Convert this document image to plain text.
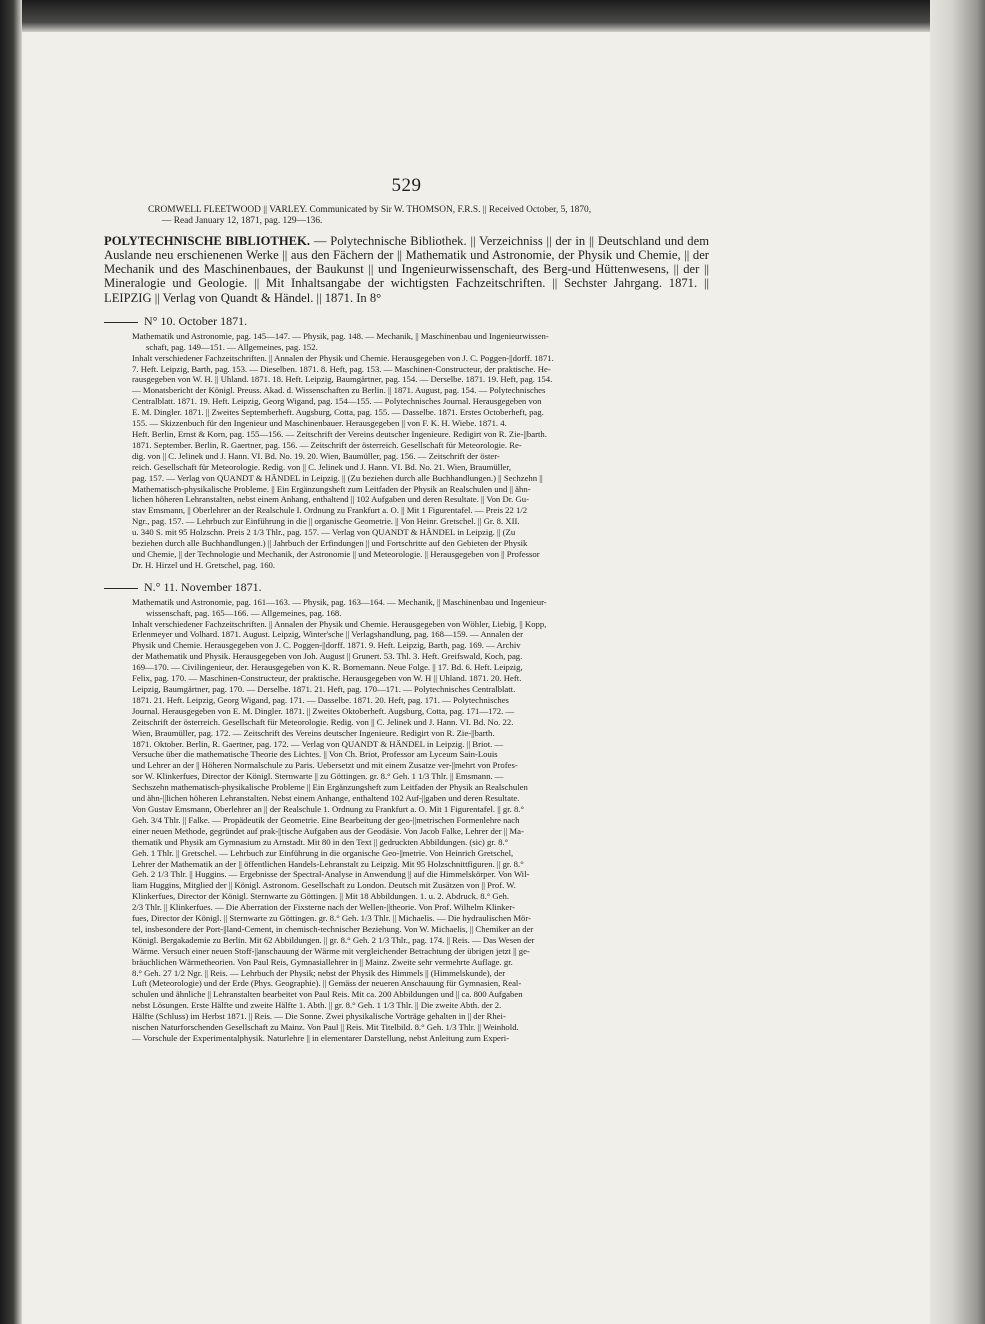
529
CROMWELL FLEETWOOD || VARLEY. Communicated by Sir W. THOMSON, F.R.S. || Received October, 5, 1870,
— Read January 12, 1871, pag. 129—136.

POLYTECHNISCHE BIBLIOTHEK. — Polytechnische Bibliothek. || Verzeichniss || der in || Deutschland und dem Auslande neu erschienenen Werke || aus den Fächern der || Mathematik und Astronomie, der Physik und Chemie, || der Mechanik und des Maschinenbaues, der Baukunst || und Ingenieurwissenschaft, des Berg-und Hüttenwesens, || der || Mineralogie und Geologie. || Mit Inhaltsangabe der wichtigsten Fachzeitschriften. || Sechster Jahrgang. 1871. || LEIPZIG || Verlag von Quandt & Händel. || 1871. In 8°

N° 10. October 1871.
Mathematik und Astronomie, pag. 145—147. — Physik, pag. 148. — Mechanik, || Maschinenbau und Ingenieurwissen-
schaft, pag. 149—151. — Allgemeines, pag. 152.
Inhalt verschiedener Fachzeitschriften. || Annalen der Physik und Chemie. Herausgegeben von J. C. Poggen-||dorff. 1871.
7. Heft. Leipzig, Barth, pag. 153. — Dieselben. 1871. 8. Heft, pag. 153. — Maschinen-Constructeur, der praktische. He-
rausgegeben von W. H. || Uhland. 1871. 18. Heft. Leipzig, Baumgärtner, pag. 154. — Derselbe. 1871. 19. Heft, pag. 154.
— Monatsbericht der Königl. Preuss. Akad. d. Wissenschaften zu Berlin. || 1871. August, pag. 154. — Polytechnisches
Centralblatt. 1871. 19. Heft. Leipzig, Georg Wigand, pag. 154—155. — Polytechnisches Journal. Herausgegeben von
E. M. Dingler. 1871. || Zweites Septemberheft. Augsburg, Cotta, pag. 155. — Dasselbe. 1871. Erstes Octoberheft, pag.
155. — Skizzenbuch für den Ingenieur und Maschinenbauer. Herausgegeben || von F. K. H. Wiebe. 1871. 4.
Heft. Berlin, Ernst & Korn, pag. 155—156. — Zeitschrift der Vereins deutscher Ingenieure. Redigirt von R. Zie-||barth.
1871. September. Berlin, R. Gaertner, pag. 156. — Zeitschrift der österreich. Gesellschaft für Meteorologie. Re-
dig. von || C. Jelinek und J. Hann. VI. Bd. No. 19. 20. Wien, Baumüller, pag. 156. — Zeitschrift der öster-
reich. Gesellschaft für Meteorologie. Redig. von || C. Jelinek und J. Hann. VI. Bd. No. 21. Wien, Braumüller,
pag. 157. — Verlag von QUANDT & HÄNDEL in Leipzig. || (Zu beziehen durch alle Buchhandlungen.) || Sechzehn ||
Mathematisch-physikalische Probleme. || Ein Ergänzungsheft zum Leitfaden der Physik an Realschulen und || ähn-
lichen höheren Lehranstalten, nebst einem Anhang, enthaltend || 102 Aufgaben und deren Resultate. || Von Dr. Gu-
stav Emsmann, || Oberlehrer an der Realschule I. Ordnung zu Frankfurt a. O. || Mit 1 Figurentafel. — Preis 22 1/2
Ngr., pag. 157. — Lehrbuch zur Einführung in die || organische Geometrie. || Von Heinr. Gretschel. || Gr. 8. XII.
u. 340 S. mit 95 Holzschn. Preis 2 1/3 Thlr., pag. 157. — Verlag von QUANDT & HÄNDEL in Leipzig. || (Zu
beziehen durch alle Buchhandlungen.) || Jahrbuch der Erfindungen || und Fortschritte auf den Gebieten der Physik
und Chemie, || der Technologie und Mechanik, der Astronomie || und Meteorologie. || Herausgegeben von || Professor
Dr. H. Hirzel und H. Gretschel, pag. 160.
N.° 11. November 1871.
Mathematik und Astronomie, pag. 161—163. — Physik, pag. 163—164. — Mechanik, || Maschinenbau und Ingenieur-
wissenschaft, pag. 165—166. — Allgemeines, pag. 168.
Inhalt verschiedener Fachzeitschriften. || Annalen der Physik und Chemie. Herausgegeben von Wöhler, Liebig, || Kopp,
Erlenmeyer und Volhard. 1871. August. Leipzig, Winter'sche || Verlagshandlung, pag. 168—159. — Annalen der
Physik und Chemie. Herausgegeben von J. C. Poggen-||dorff. 1871. 9. Heft. Leipzig, Barth, pag. 169. — Archiv
der Mathematik und Physik. Herausgegeben von Joh. August || Grunert. 53. Thl. 3. Heft. Greifswald, Koch, pag.
169—170. — Civilingenieur, der. Herausgegeben von K. R. Bornemann. Neue Folge. || 17. Bd. 6. Heft. Leipzig,
Felix, pag. 170. — Maschinen-Constructeur, der praktische. Herausgegeben von W. H || Uhland. 1871. 20. Heft.
Leipzig, Baumgärtner, pag. 170. — Derselbe. 1871. 21. Heft, pag. 170—171. — Polytechnisches Centralblatt.
1871. 21. Heft. Leipzig, Georg Wigand, pag. 171. — Dasselbe. 1871. 20. Heft, pag. 171. — Polytechnisches
Journal. Herausgegeben von E. M. Dingler. 1871. || Zweites Oktoberheft. Augsburg, Cotta, pag. 171—172. —
Zeitschrift der österreich. Gesellschaft für Meteorologie. Redig. von || C. Jelinek und J. Hann. VI. Bd. No. 22.
Wien, Braumüller, pag. 172. — Zeitschrift des Vereins deutscher Ingenieure. Redigirt von R. Zie-||barth.
1871. Oktober. Berlin, R. Gaertner, pag. 172. — Verlag von QUANDT & HÄNDEL in Leipzig. || Briot. —
Versuche über die mathematische Theorie des Lichtes. || Von Ch. Briot, Professor am Lyceum Sain-Louis
und Lehrer an der || Höheren Normalschule zu Paris. Uebersetzt und mit einem Zusatze ver-||mehrt von Profes-
sor W. Klinkerfues, Director der Königl. Sternwarte || zu Göttingen. gr. 8.° Geh. 1 1/3 Thlr. || Emsmann. —
Sechszehn mathematisch-physikalische Probleme || Ein Ergänzungsheft zum Leitfaden der Physik an Realschulen
und ähn-||lichen höheren Lehranstalten. Nebst einem Anhange, enthaltend 102 Auf-||gaben und deren Resultate.
Von Gustav Emsmann, Oberlehrer an || der Realschule 1. Ordnung zu Frankfurt a. O. Mit 1 Figurentafel. || gr. 8.°
Geh. 3/4 Thlr. || Falke. — Propädeutik der Geometrie. Eine Bearbeitung der geo-||metrischen Formenlehre nach
einer neuen Methode, gegründet auf prak-||tische Aufgaben aus der Geodäsie. Von Jacob Falke, Lehrer der || Ma-
thematik und Physik am Gymnasium zu Arnstadt. Mit 80 in den Text || gedruckten Abbildungen. (sic) gr. 8.°
Geh. 1 Thlr. || Gretschel. — Lehrbuch zur Einführung in die organische Geo-||metrie. Von Heinrich Gretschel,
Lehrer der Mathematik an der || öffentlichen Handels-Lehranstalt zu Leipzig. Mit 95 Holzschnittfiguren. || gr. 8.°
Geh. 2 1/3 Thlr. || Huggins. — Ergebnisse der Spectral-Analyse in Anwendung || auf die Himmelskörper. Von Wil-
liam Huggins, Mitglied der || Königl. Astronom. Gesellschaft zu London. Deutsch mit Zusätzen von || Prof. W.
Klinkerfues, Director der Königl. Sternwarte zu Göttingen. || Mit 18 Abbildungen. 1. u. 2. Abdruck. 8.° Geh.
2/3 Thlr. || Klinkerfues. — Die Aberration der Fixsterne nach der Wellen-||theorie. Von Prof. Wilhelm Klinker-
fues, Director der Königl. || Sternwarte zu Göttingen. gr. 8.° Geh. 1/3 Thlr. || Michaelis. — Die hydraulischen Mör-
tel, insbesondere der Port-||land-Cement, in chemisch-technischer Beziehung. Von W. Michaelis, || Chemiker an der
Königl. Bergakademie zu Berlin. Mit 62 Abbildungen. || gr. 8.° Geh. 2 1/3 Thlr., pag. 174. || Reis. — Das Wesen der
Wärme. Versuch einer neuen Stoff-||anschauung der Wärme mit vergleichender Betrachtung der übrigen jetzt || ge-
bräuchlichen Wärmetheorien. Von Paul Reis, Gymnasiallehrer in || Mainz. Zweite sehr vermehrte Auflage. gr.
8.° Geh. 27 1/2 Ngr. || Reis. — Lehrbuch der Physik; nebst der Physik des Himmels || (Himmelskunde), der
Luft (Meteorologie) und der Erde (Phys. Geographie). || Gemäss der neueren Anschauung für Gymnasien, Real-
schulen und ähnliche || Lehranstalten bearbeitet von Paul Reis. Mit ca. 200 Abbildungen und || ca. 800 Aufgaben
nebst Lösungen. Erste Hälfte und zweite Hälfte 1. Abth. || gr. 8.° Geh. 1 1/3 Thlr. || Die zweite Abth. der 2.
Hälfte (Schluss) im Herbst 1871. || Reis. — Die Sonne. Zwei physikalische Vorträge gehalten in || der Rhei-
nischen Naturforschenden Gesellschaft zu Mainz. Von Paul || Reis. Mit Titelbild. 8.° Geh. 1/3 Thlr. || Weinhold.
— Vorschule der Experimentalphysik. Naturlehre || in elementarer Darstellung, nebst Anleitung zum Experi-
